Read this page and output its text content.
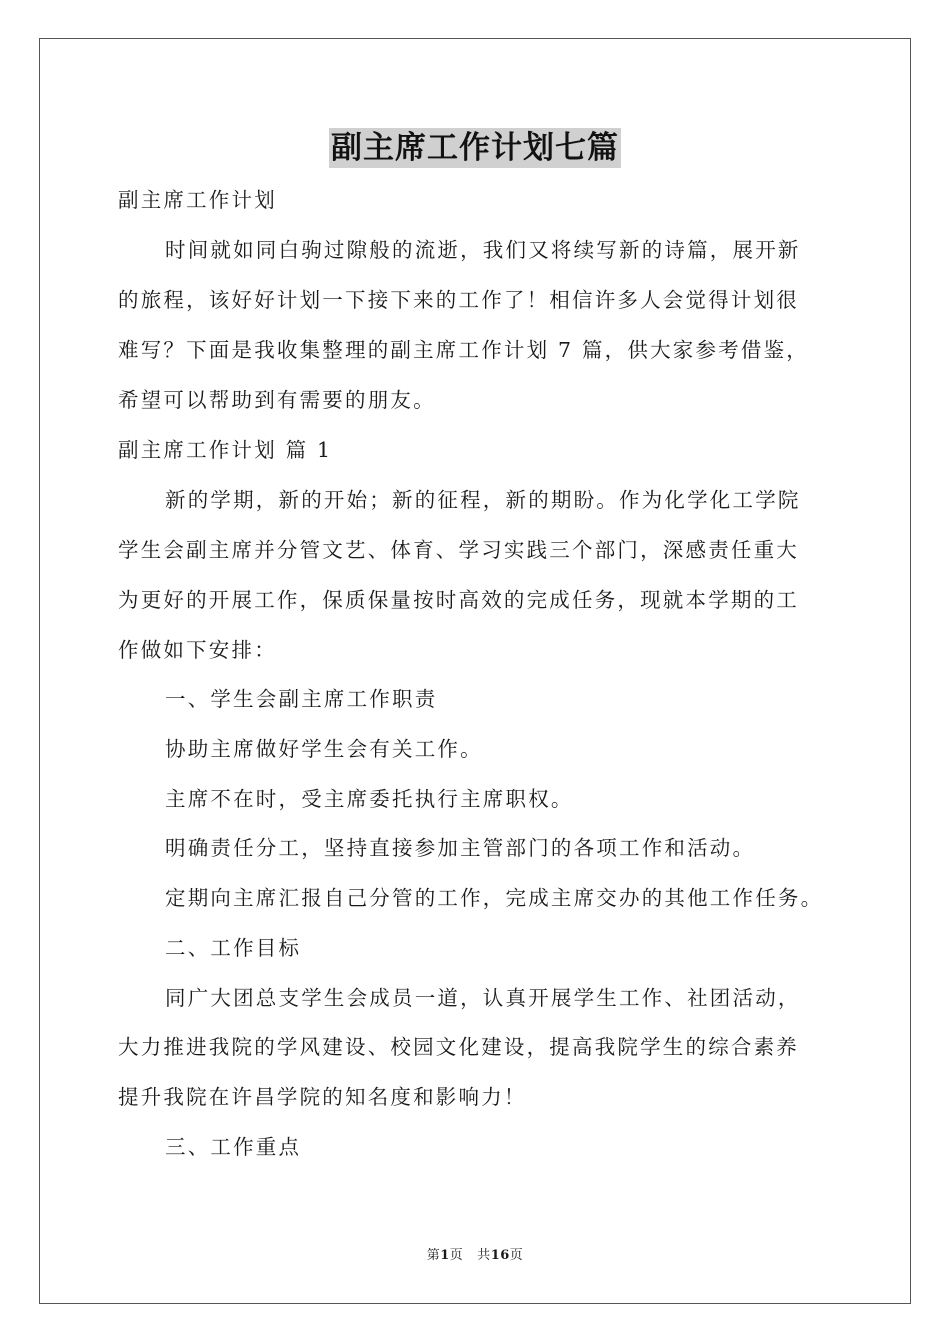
副主席工作计划七篇
副主席工作计划
时间就如同白驹过隙般的流逝，我们又将续写新的诗篇，展开新
的旅程，该好好计划一下接下来的工作了！相信许多人会觉得计划很
难写？下面是我收集整理的副主席工作计划 7 篇，供大家参考借鉴，
希望可以帮助到有需要的朋友。
副主席工作计划 篇 1
新的学期，新的开始；新的征程，新的期盼。作为化学化工学院
学生会副主席并分管文艺、体育、学习实践三个部门，深感责任重大
为更好的开展工作，保质保量按时高效的完成任务，现就本学期的工
作做如下安排：
一、学生会副主席工作职责
协助主席做好学生会有关工作。
主席不在时，受主席委托执行主席职权。
明确责任分工，坚持直接参加主管部门的各项工作和活动。
定期向主席汇报自己分管的工作，完成主席交办的其他工作任务。
二、工作目标
同广大团总支学生会成员一道，认真开展学生工作、社团活动，
大力推进我院的学风建设、校园文化建设，提高我院学生的综合素养
提升我院在许昌学院的知名度和影响力！
三、工作重点
第1页 共16页
